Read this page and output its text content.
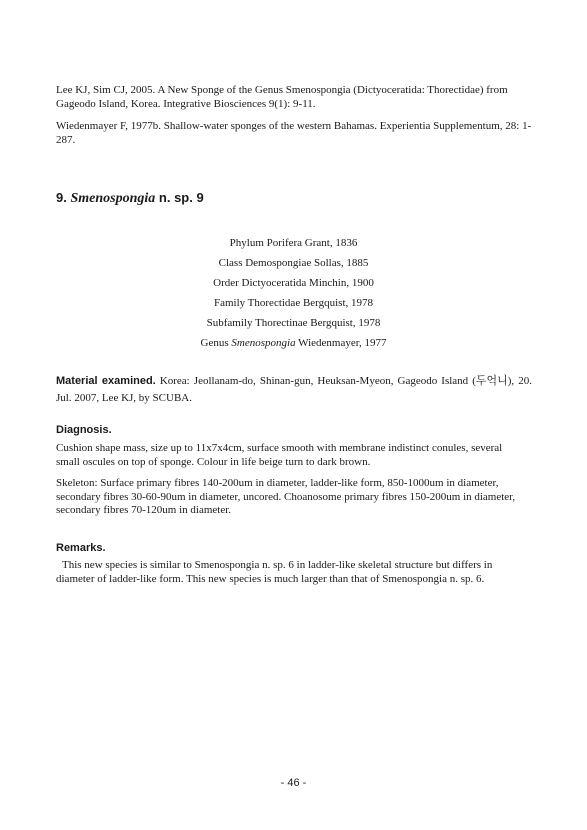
Lee KJ, Sim CJ, 2005. A New Sponge of the Genus Smenospongia (Dictyoceratida: Thorectidae) from Gageodo Island, Korea. Integrative Biosciences 9(1): 9-11.

Wiedenmayer F, 1977b. Shallow-water sponges of the western Bahamas. Experientia Supplementum, 28: 1-287.

9. Smenospongia n. sp. 9
Phylum Porifera Grant, 1836
Class Demospongiae Sollas, 1885
Order Dictyoceratida Minchin, 1900
Family Thorectidae Bergquist, 1978
Subfamily Thorectinae Bergquist, 1978
Genus Smenospongia Wiedenmayer, 1977
Material examined. Korea: Jeollanam-do, Shinan-gun, Heuksan-Myeon, Gageodo Island (두억니), 20. Jul. 2007, Lee KJ, by SCUBA.
Diagnosis.

Cushion shape mass, size up to 11x7x4cm, surface smooth with membrane indistinct conules, several small oscules on top of sponge. Colour in life beige turn to dark brown.

Skeleton: Surface primary fibres 140-200um in diameter, ladder-like form, 850-1000um in diameter, secondary fibres 30-60-90um in diameter, uncored. Choanosome primary fibres 150-200um in diameter, secondary fibres 70-120um in diameter.

Remarks.

This new species is similar to Smenospongia n. sp. 6 in ladder-like skeletal structure but differs in diameter of ladder-like form. This new species is much larger than that of Smenospongia n. sp. 6.

- 46 -
